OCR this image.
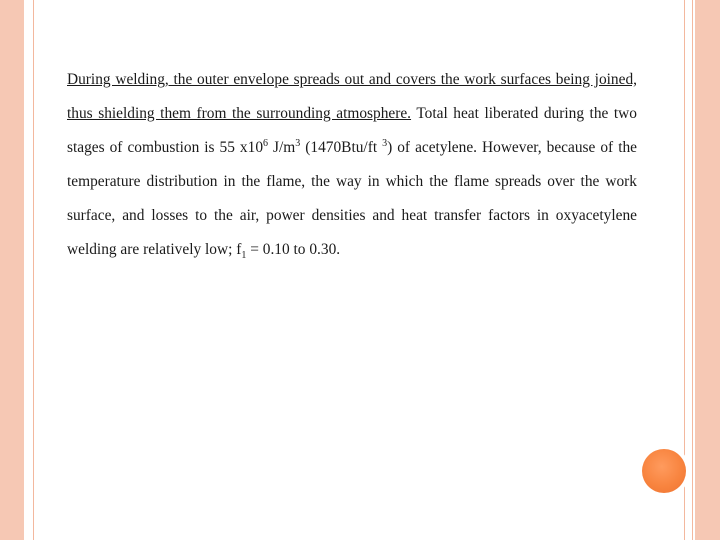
During welding, the outer envelope spreads out and covers the work surfaces being joined, thus shielding them from the surrounding atmosphere. Total heat liberated during the two stages of combustion is 55 $x10^6$ $J/m^3$ (1470Btu/ft $^3$) of acetylene. However, because of the temperature distribution in the flame, the way in which the flame spreads over the work surface, and losses to the air, power densities and heat transfer factors in oxyacetylene welding are relatively low; $f_1 = 0.10$ to 0.30.
